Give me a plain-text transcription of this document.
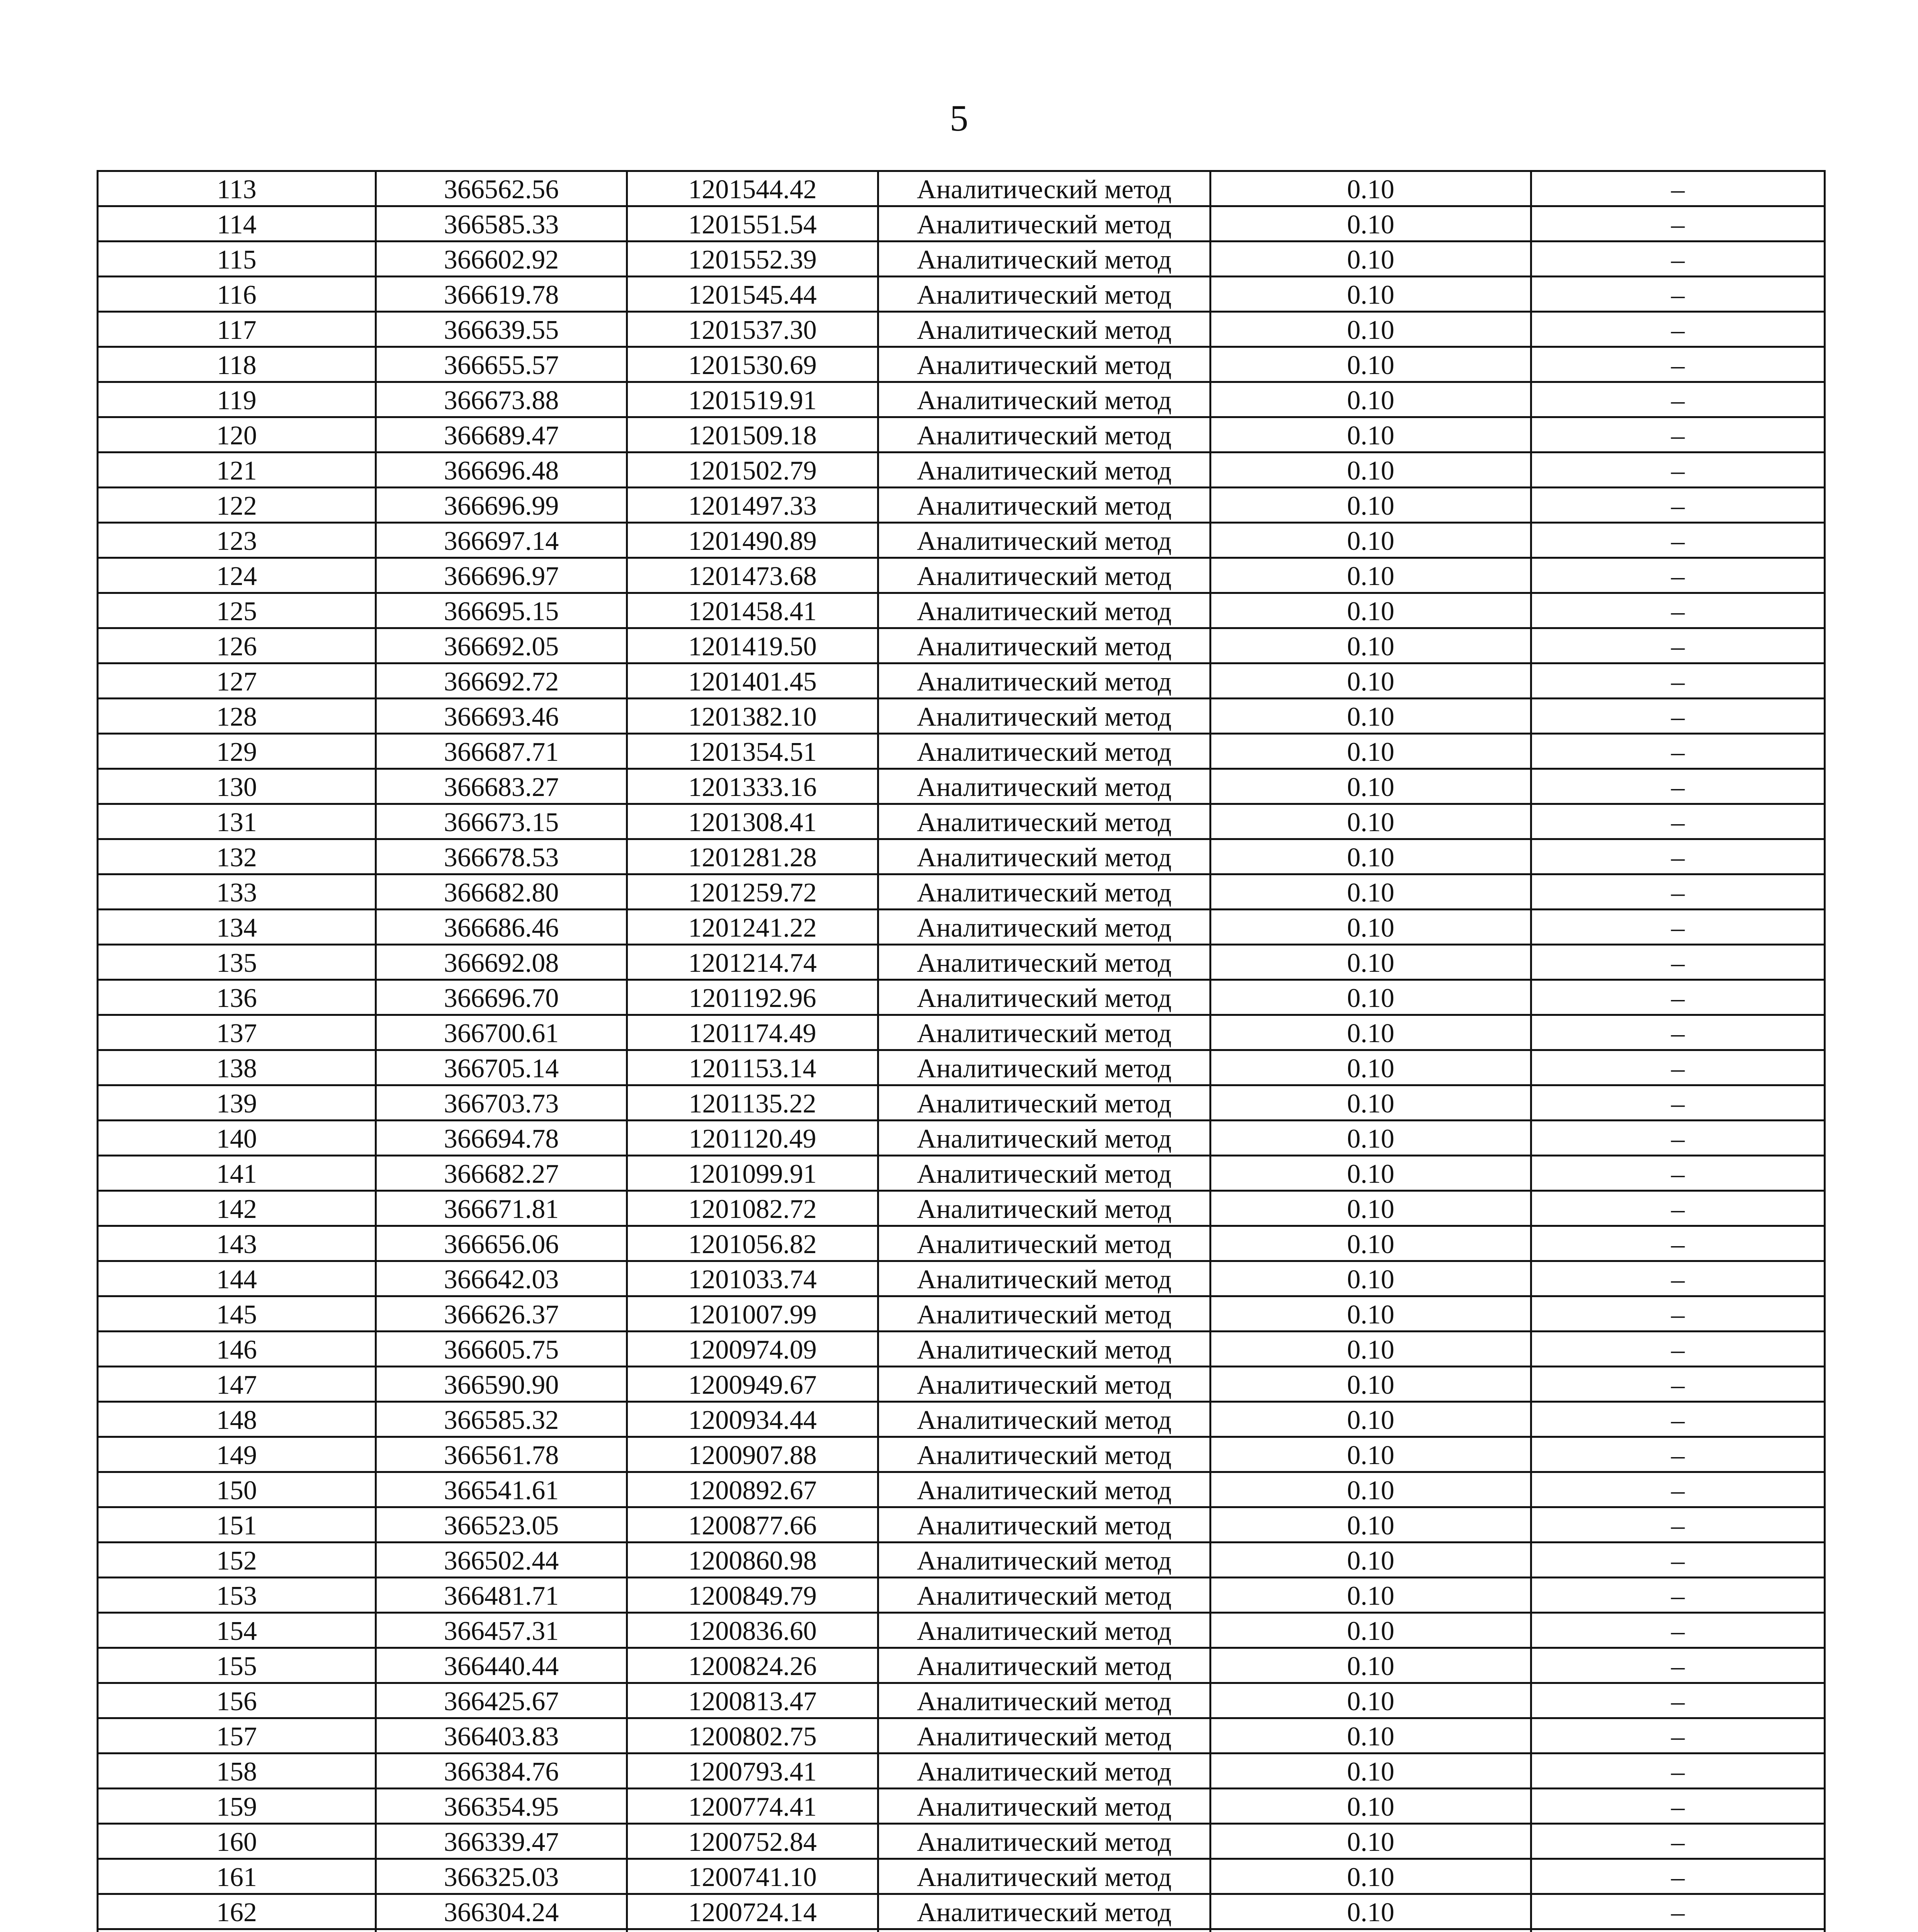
5
113	366562.56	1201544.42	Аналитический метод	0.10	–
114	366585.33	1201551.54	Аналитический метод	0.10	–
115	366602.92	1201552.39	Аналитический метод	0.10	–
116	366619.78	1201545.44	Аналитический метод	0.10	–
117	366639.55	1201537.30	Аналитический метод	0.10	–
118	366655.57	1201530.69	Аналитический метод	0.10	–
119	366673.88	1201519.91	Аналитический метод	0.10	–
120	366689.47	1201509.18	Аналитический метод	0.10	–
121	366696.48	1201502.79	Аналитический метод	0.10	–
122	366696.99	1201497.33	Аналитический метод	0.10	–
123	366697.14	1201490.89	Аналитический метод	0.10	–
124	366696.97	1201473.68	Аналитический метод	0.10	–
125	366695.15	1201458.41	Аналитический метод	0.10	–
126	366692.05	1201419.50	Аналитический метод	0.10	–
127	366692.72	1201401.45	Аналитический метод	0.10	–
128	366693.46	1201382.10	Аналитический метод	0.10	–
129	366687.71	1201354.51	Аналитический метод	0.10	–
130	366683.27	1201333.16	Аналитический метод	0.10	–
131	366673.15	1201308.41	Аналитический метод	0.10	–
132	366678.53	1201281.28	Аналитический метод	0.10	–
133	366682.80	1201259.72	Аналитический метод	0.10	–
134	366686.46	1201241.22	Аналитический метод	0.10	–
135	366692.08	1201214.74	Аналитический метод	0.10	–
136	366696.70	1201192.96	Аналитический метод	0.10	–
137	366700.61	1201174.49	Аналитический метод	0.10	–
138	366705.14	1201153.14	Аналитический метод	0.10	–
139	366703.73	1201135.22	Аналитический метод	0.10	–
140	366694.78	1201120.49	Аналитический метод	0.10	–
141	366682.27	1201099.91	Аналитический метод	0.10	–
142	366671.81	1201082.72	Аналитический метод	0.10	–
143	366656.06	1201056.82	Аналитический метод	0.10	–
144	366642.03	1201033.74	Аналитический метод	0.10	–
145	366626.37	1201007.99	Аналитический метод	0.10	–
146	366605.75	1200974.09	Аналитический метод	0.10	–
147	366590.90	1200949.67	Аналитический метод	0.10	–
148	366585.32	1200934.44	Аналитический метод	0.10	–
149	366561.78	1200907.88	Аналитический метод	0.10	–
150	366541.61	1200892.67	Аналитический метод	0.10	–
151	366523.05	1200877.66	Аналитический метод	0.10	–
152	366502.44	1200860.98	Аналитический метод	0.10	–
153	366481.71	1200849.79	Аналитический метод	0.10	–
154	366457.31	1200836.60	Аналитический метод	0.10	–
155	366440.44	1200824.26	Аналитический метод	0.10	–
156	366425.67	1200813.47	Аналитический метод	0.10	–
157	366403.83	1200802.75	Аналитический метод	0.10	–
158	366384.76	1200793.41	Аналитический метод	0.10	–
159	366354.95	1200774.41	Аналитический метод	0.10	–
160	366339.47	1200752.84	Аналитический метод	0.10	–
161	366325.03	1200741.10	Аналитический метод	0.10	–
162	366304.24	1200724.14	Аналитический метод	0.10	–
